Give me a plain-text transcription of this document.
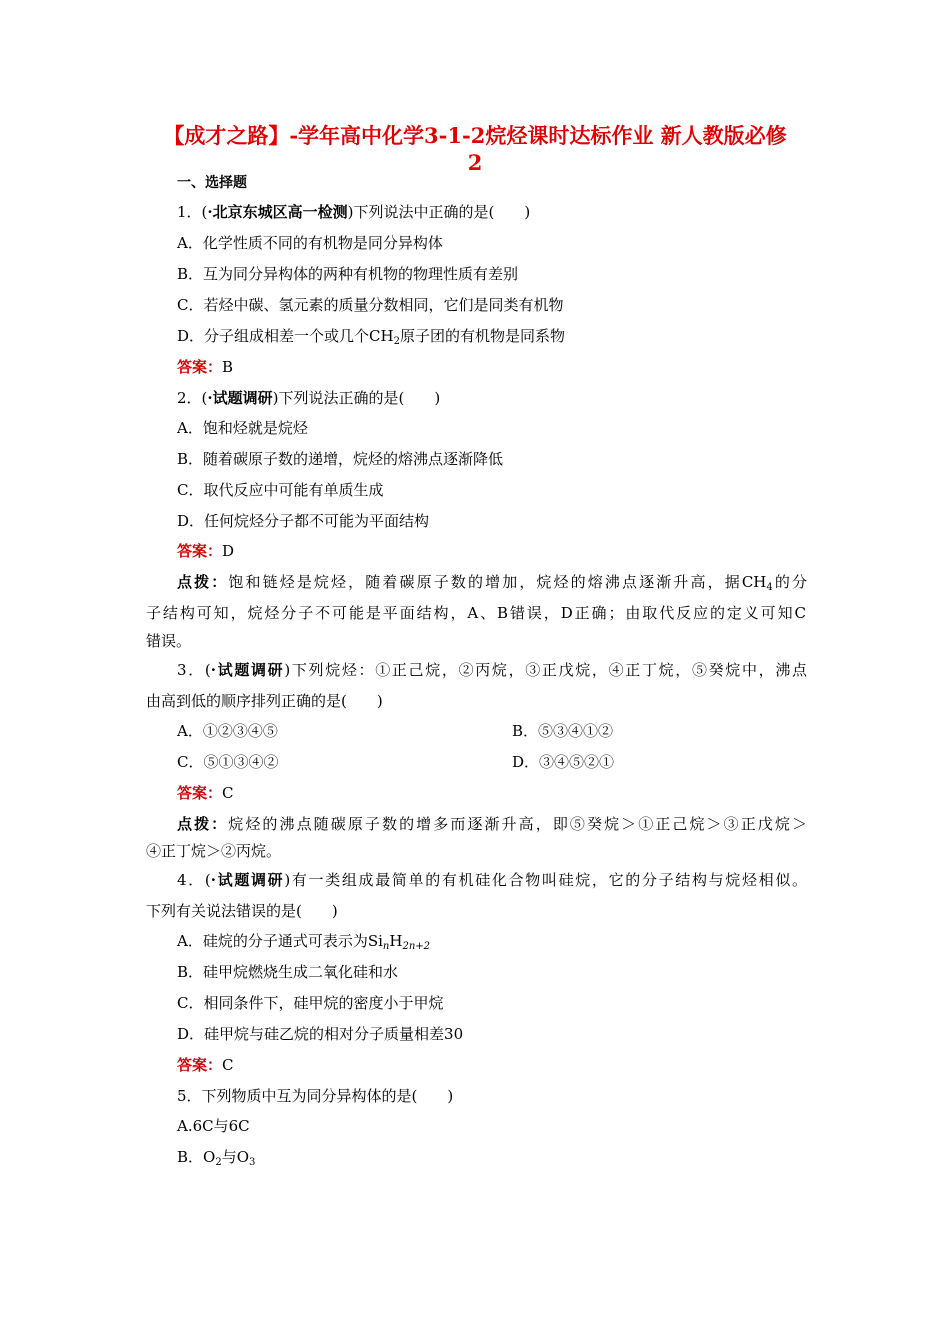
【成才之路】-学年高中化学3-1-2烷烃课时达标作业 新人教版必修
2
一、选择题
1．(·北京东城区高一检测)下列说法中正确的是(　　)
A．化学性质不同的有机物是同分异构体
B．互为同分异构体的两种有机物的物理性质有差别
C．若烃中碳、氢元素的质量分数相同，它们是同类有机物
D．分子组成相差一个或几个$CH_2$原子团的有机物是同系物
答案：B
2．(·试题调研)下列说法正确的是(　　)
A．饱和烃就是烷烃
B．随着碳原子数的递增，烷烃的熔沸点逐渐降低
C．取代反应中可能有单质生成
D．任何烷烃分子都不可能为平面结构
答案：D
点拨：饱和链烃是烷烃，随着碳原子数的增加，烷烃的熔沸点逐渐升高，据$CH_4$的分
子结构可知，烷烃分子不可能是平面结构，A、B错误，D正确；由取代反应的定义可知C
错误。
3．(·试题调研)下列烷烃：①正己烷，②丙烷，③正戊烷，④正丁烷，⑤癸烷中，沸点
由高到低的顺序排列正确的是(　　)
A．①②③④⑤	B．⑤③④①②
C．⑤①③④②	D．③④⑤②①
答案：C
点拨：烷烃的沸点随碳原子数的增多而逐渐升高，即⑤癸烷＞①正己烷＞③正戊烷＞
④正丁烷＞②丙烷。
4．(·试题调研)有一类组成最简单的有机硅化合物叫硅烷，它的分子结构与烷烃相似。
下列有关说法错误的是(　　)
A．硅烷的分子通式可表示为$Si_nH_{2n+2}$
B．硅甲烷燃烧生成二氧化硅和水
C．相同条件下，硅甲烷的密度小于甲烷
D．硅甲烷与硅乙烷的相对分子质量相差30
答案：C
5．下列物质中互为同分异构体的是(　　)
A.6C与6C
B．$O_2$与$O_3$
